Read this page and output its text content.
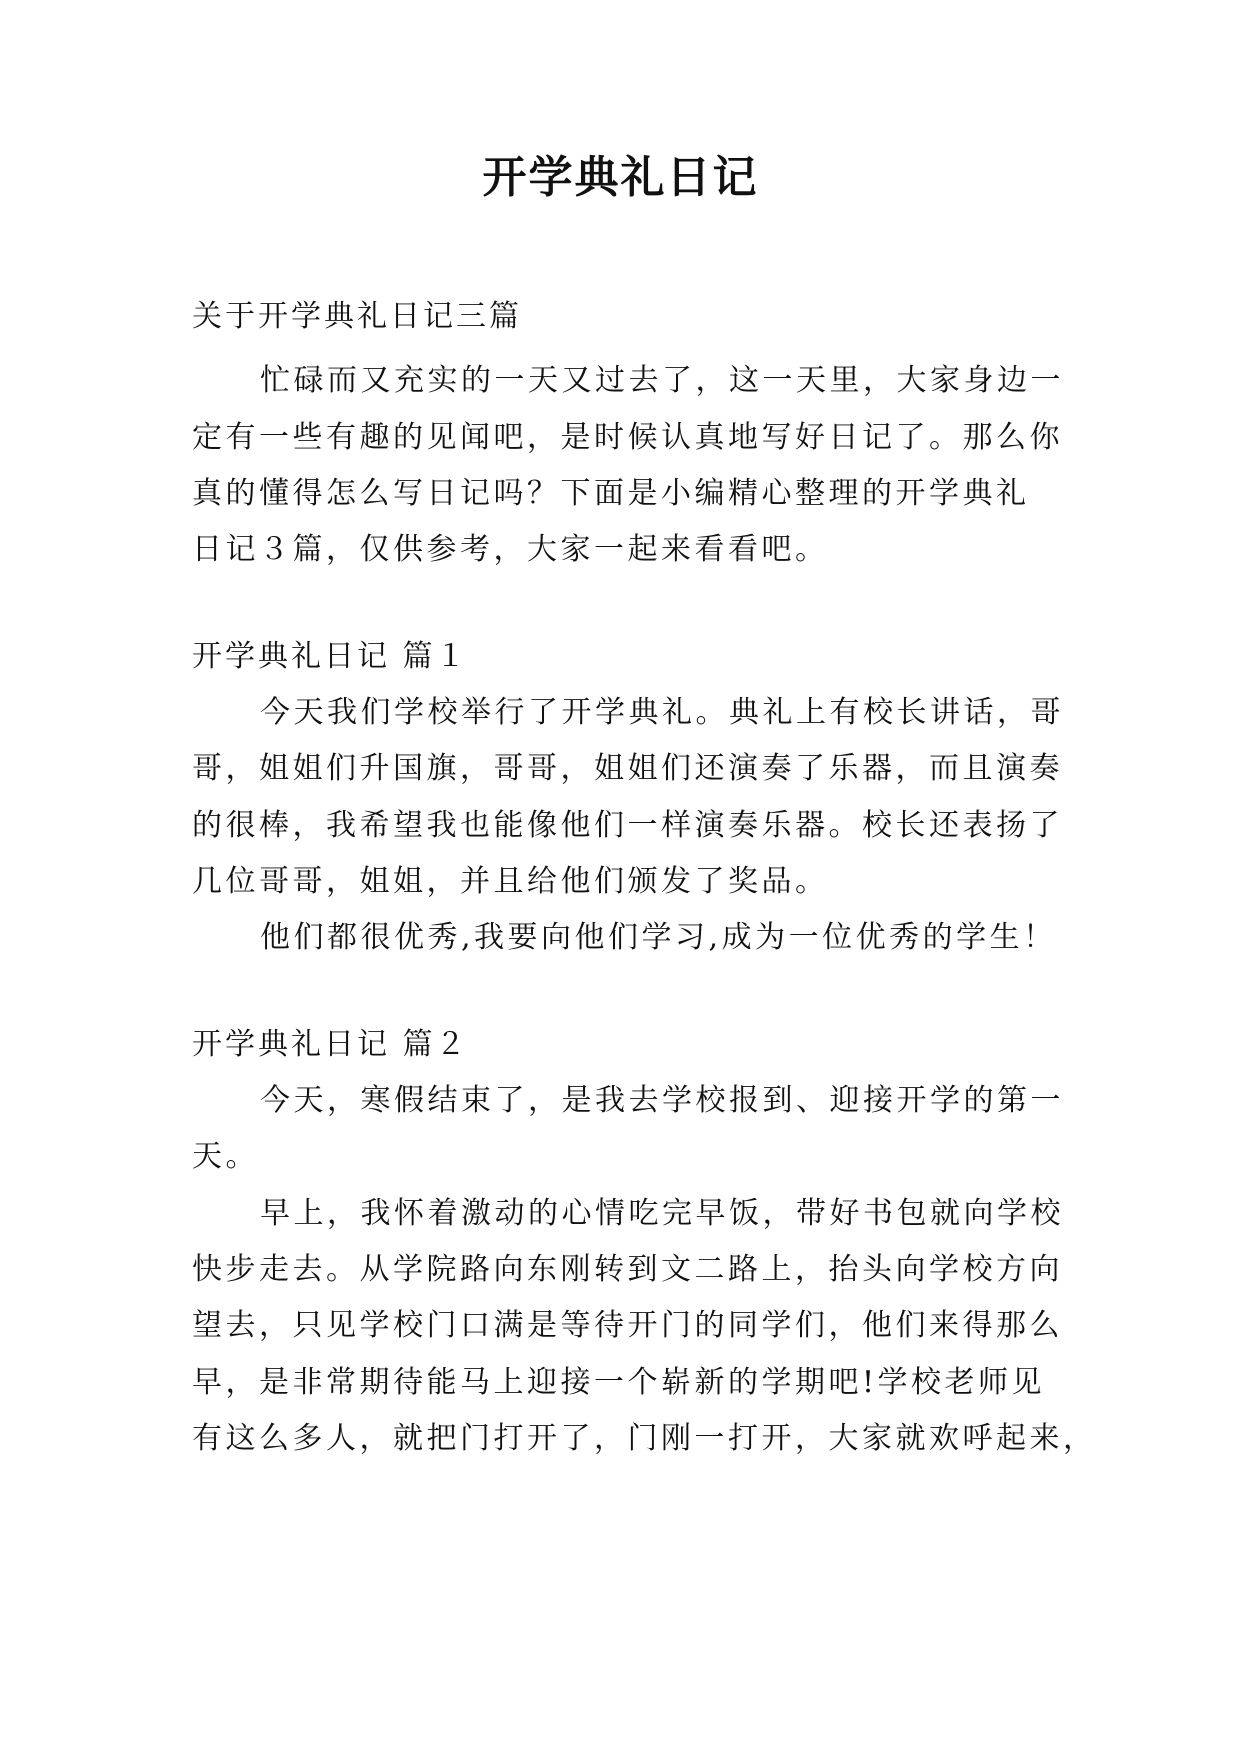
开学典礼日记
关于开学典礼日记三篇
忙碌而又充实的一天又过去了，这一天里，大家身边一
定有一些有趣的见闻吧，是时候认真地写好日记了。那么你
真的懂得怎么写日记吗？下面是小编精心整理的开学典礼
日记３篇，仅供参考，大家一起来看看吧。
开学典礼日记 篇１
今天我们学校举行了开学典礼。典礼上有校长讲话，哥
哥，姐姐们升国旗，哥哥，姐姐们还演奏了乐器，而且演奏
的很棒，我希望我也能像他们一样演奏乐器。校长还表扬了
几位哥哥，姐姐，并且给他们颁发了奖品。
他们都很优秀,我要向他们学习,成为一位优秀的学生！
开学典礼日记 篇２
今天，寒假结束了，是我去学校报到、迎接开学的第一
天。
早上，我怀着激动的心情吃完早饭，带好书包就向学校
快步走去。从学院路向东刚转到文二路上，抬头向学校方向
望去，只见学校门口满是等待开门的同学们，他们来得那么
早，是非常期待能马上迎接一个崭新的学期吧!学校老师见
有这么多人，就把门打开了，门刚一打开，大家就欢呼起来，
